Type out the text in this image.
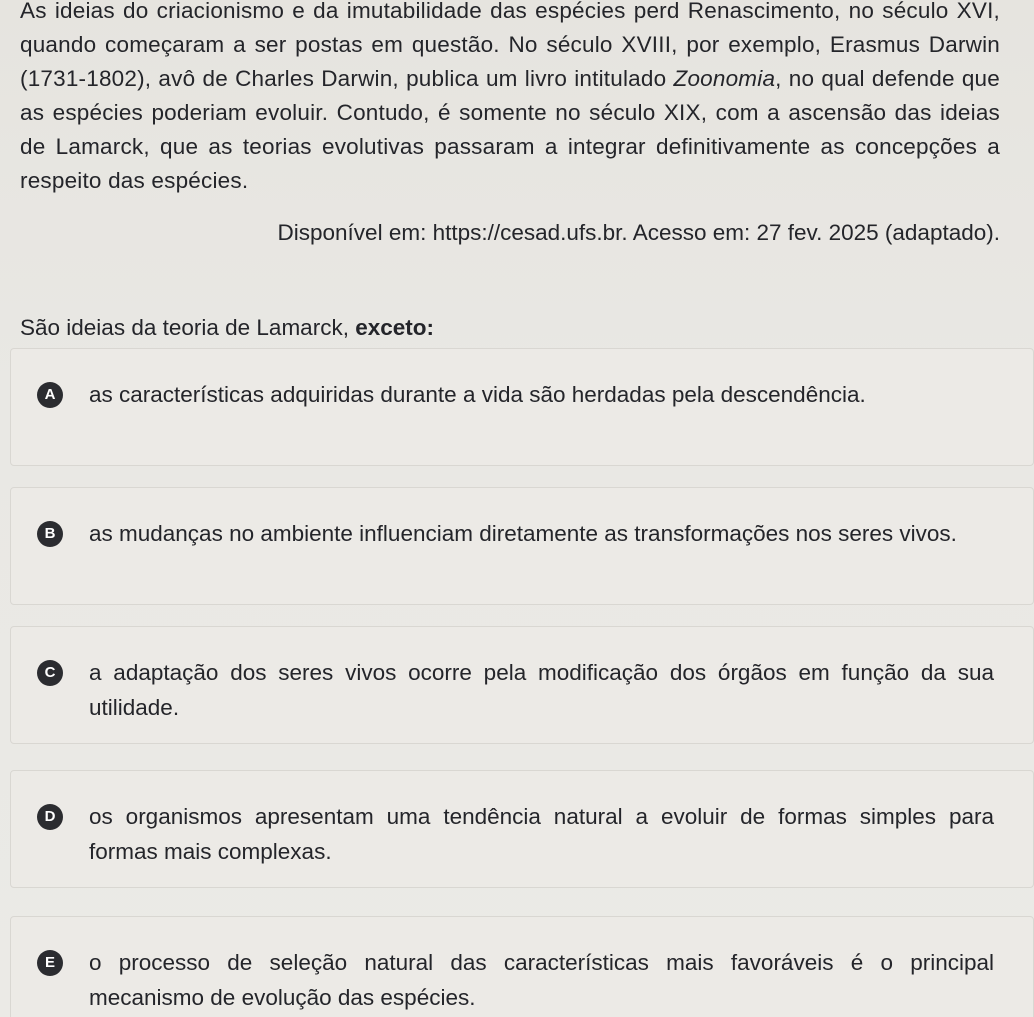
As ideias do criacionismo e da imutabilidade das espécies perd Renascimento, no século XVI, quando começaram a ser postas em questão. No século XVIII, por exemplo, Erasmus Darwin (1731-1802), avô de Charles Darwin, publica um livro intitulado Zoonomia, no qual defende que as espécies poderiam evoluir. Contudo, é somente no século XIX, com a ascensão das ideias de Lamarck, que as teorias evolutivas passaram a integrar definitivamente as concepções a respeito das espécies.
Disponível em: https://cesad.ufs.br. Acesso em: 27 fev. 2025 (adaptado).
São ideias da teoria de Lamarck, exceto:
A	as características adquiridas durante a vida são herdadas pela descendência.
B	as mudanças no ambiente influenciam diretamente as transformações nos seres vivos.
C	a adaptação dos seres vivos ocorre pela modificação dos órgãos em função da sua utilidade.
D	os organismos apresentam uma tendência natural a evoluir de formas simples para formas mais complexas.
E	o processo de seleção natural das características mais favoráveis é o principal mecanismo de evolução das espécies.
